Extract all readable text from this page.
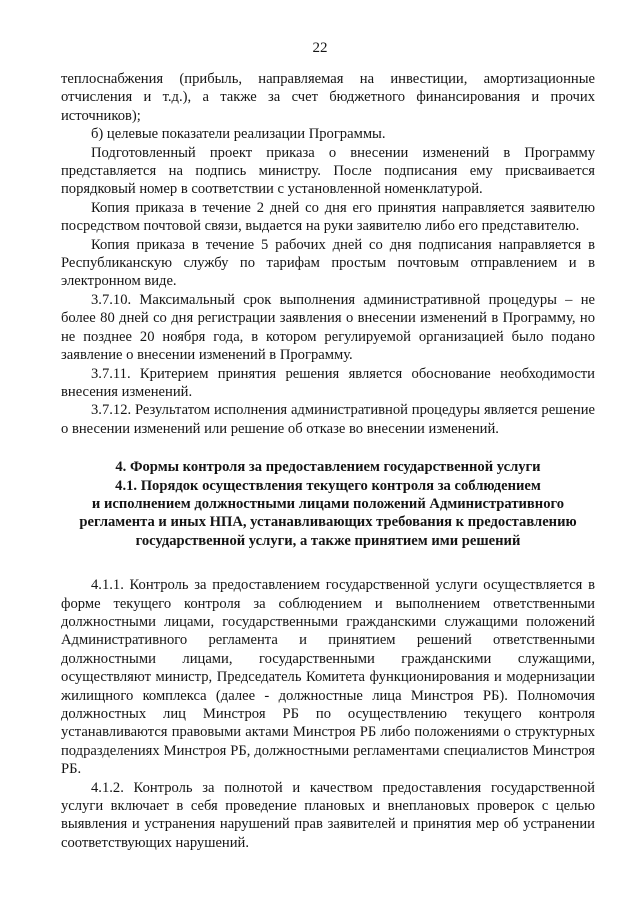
22

теплоснабжения (прибыль, направляемая на инвестиции, амортизационные отчисления и т.д.), а также за счет бюджетного финансирования и прочих источников);

б) целевые показатели реализации Программы.

Подготовленный проект приказа о внесении изменений в Программу представляется на подпись министру. После подписания ему присваивается порядковый номер в соответствии с установленной номенклатурой.

Копия приказа в течение 2 дней со дня его принятия направляется заявителю посредством почтовой связи, выдается на руки заявителю либо его представителю.

Копия приказа в течение 5 рабочих дней со дня подписания направляется в Республиканскую службу по тарифам простым почтовым отправлением и в электронном виде.

3.7.10. Максимальный срок выполнения административной процедуры – не более 80 дней со дня регистрации заявления о внесении изменений в Программу, но не позднее 20 ноября года, в котором регулируемой организацией было подано заявление о внесении изменений в Программу.

3.7.11. Критерием принятия решения является обоснование необходимости внесения изменений.

3.7.12. Результатом исполнения административной процедуры является решение о внесении изменений или решение об отказе во внесении изменений.

4. Формы контроля за предоставлением государственной услуги

4.1. Порядок осуществления текущего контроля за соблюдением

и исполнением должностными лицами положений Административного

регламента и иных НПА, устанавливающих требования к предоставлению

государственной услуги, а также принятием ими решений

4.1.1. Контроль за предоставлением государственной услуги осуществляется в форме текущего контроля за соблюдением и выполнением ответственными должностными лицами, государственными гражданскими служащими положений Административного регламента и принятием решений ответственными должностными лицами, государственными гражданскими служащими, осуществляют министр, Председатель Комитета функционирования и модернизации жилищного комплекса (далее - должностные лица Минстроя РБ). Полномочия должностных лиц Минстроя РБ по осуществлению текущего контроля устанавливаются правовыми актами Минстроя РБ либо положениями о структурных подразделениях Минстроя РБ, должностными регламентами специалистов Минстроя РБ.

4.1.2. Контроль за полнотой и качеством предоставления государственной услуги включает в себя проведение плановых и внеплановых проверок с целью выявления и устранения нарушений прав заявителей и принятия мер об устранении соответствующих нарушений.
